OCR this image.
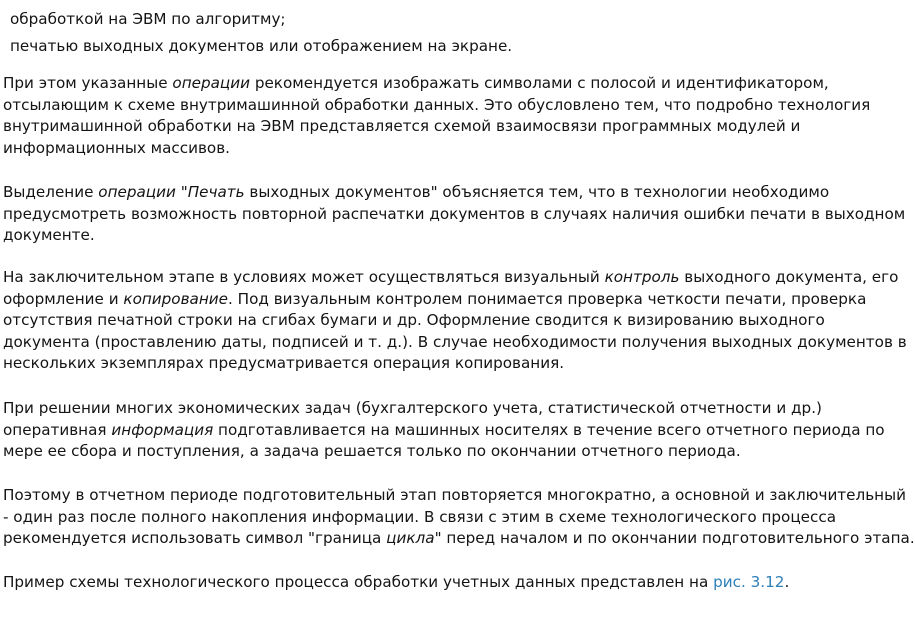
обработкой на ЭВМ по алгоритму;
печатью выходных документов или отображением на экране.

При этом указанные операции рекомендуется изображать символами с полосой и идентификатором,
отсылающим к схеме внутримашинной обработки данных. Это обусловлено тем, что подробно технология
внутримашинной обработки на ЭВМ представляется схемой взаимосвязи программных модулей и
информационных массивов.

Выделение операции "Печать выходных документов" объясняется тем, что в технологии необходимо
предусмотреть возможность повторной распечатки документов в случаях наличия ошибки печати в выходном
документе.

На заключительном этапе в условиях может осуществляться визуальный контроль выходного документа, его
оформление и копирование. Под визуальным контролем понимается проверка четкости печати, проверка
отсутствия печатной строки на сгибах бумаги и др. Оформление сводится к визированию выходного
документа (проставлению даты, подписей и т. д.). В случае необходимости получения выходных документов в
нескольких экземплярах предусматривается операция копирования.

При решении многих экономических задач (бухгалтерского учета, статистической отчетности и др.)
оперативная информация подготавливается на машинных носителях в течение всего отчетного периода по
мере ее сбора и поступления, а задача решается только по окончании отчетного периода.

Поэтому в отчетном периоде подготовительный этап повторяется многократно, а основной и заключительный
- один раз после полного накопления информации. В связи с этим в схеме технологического процесса
рекомендуется использовать символ "граница цикла" перед началом и по окончании подготовительного этапа.

Пример схемы технологического процесса обработки учетных данных представлен на рис. 3.12.
